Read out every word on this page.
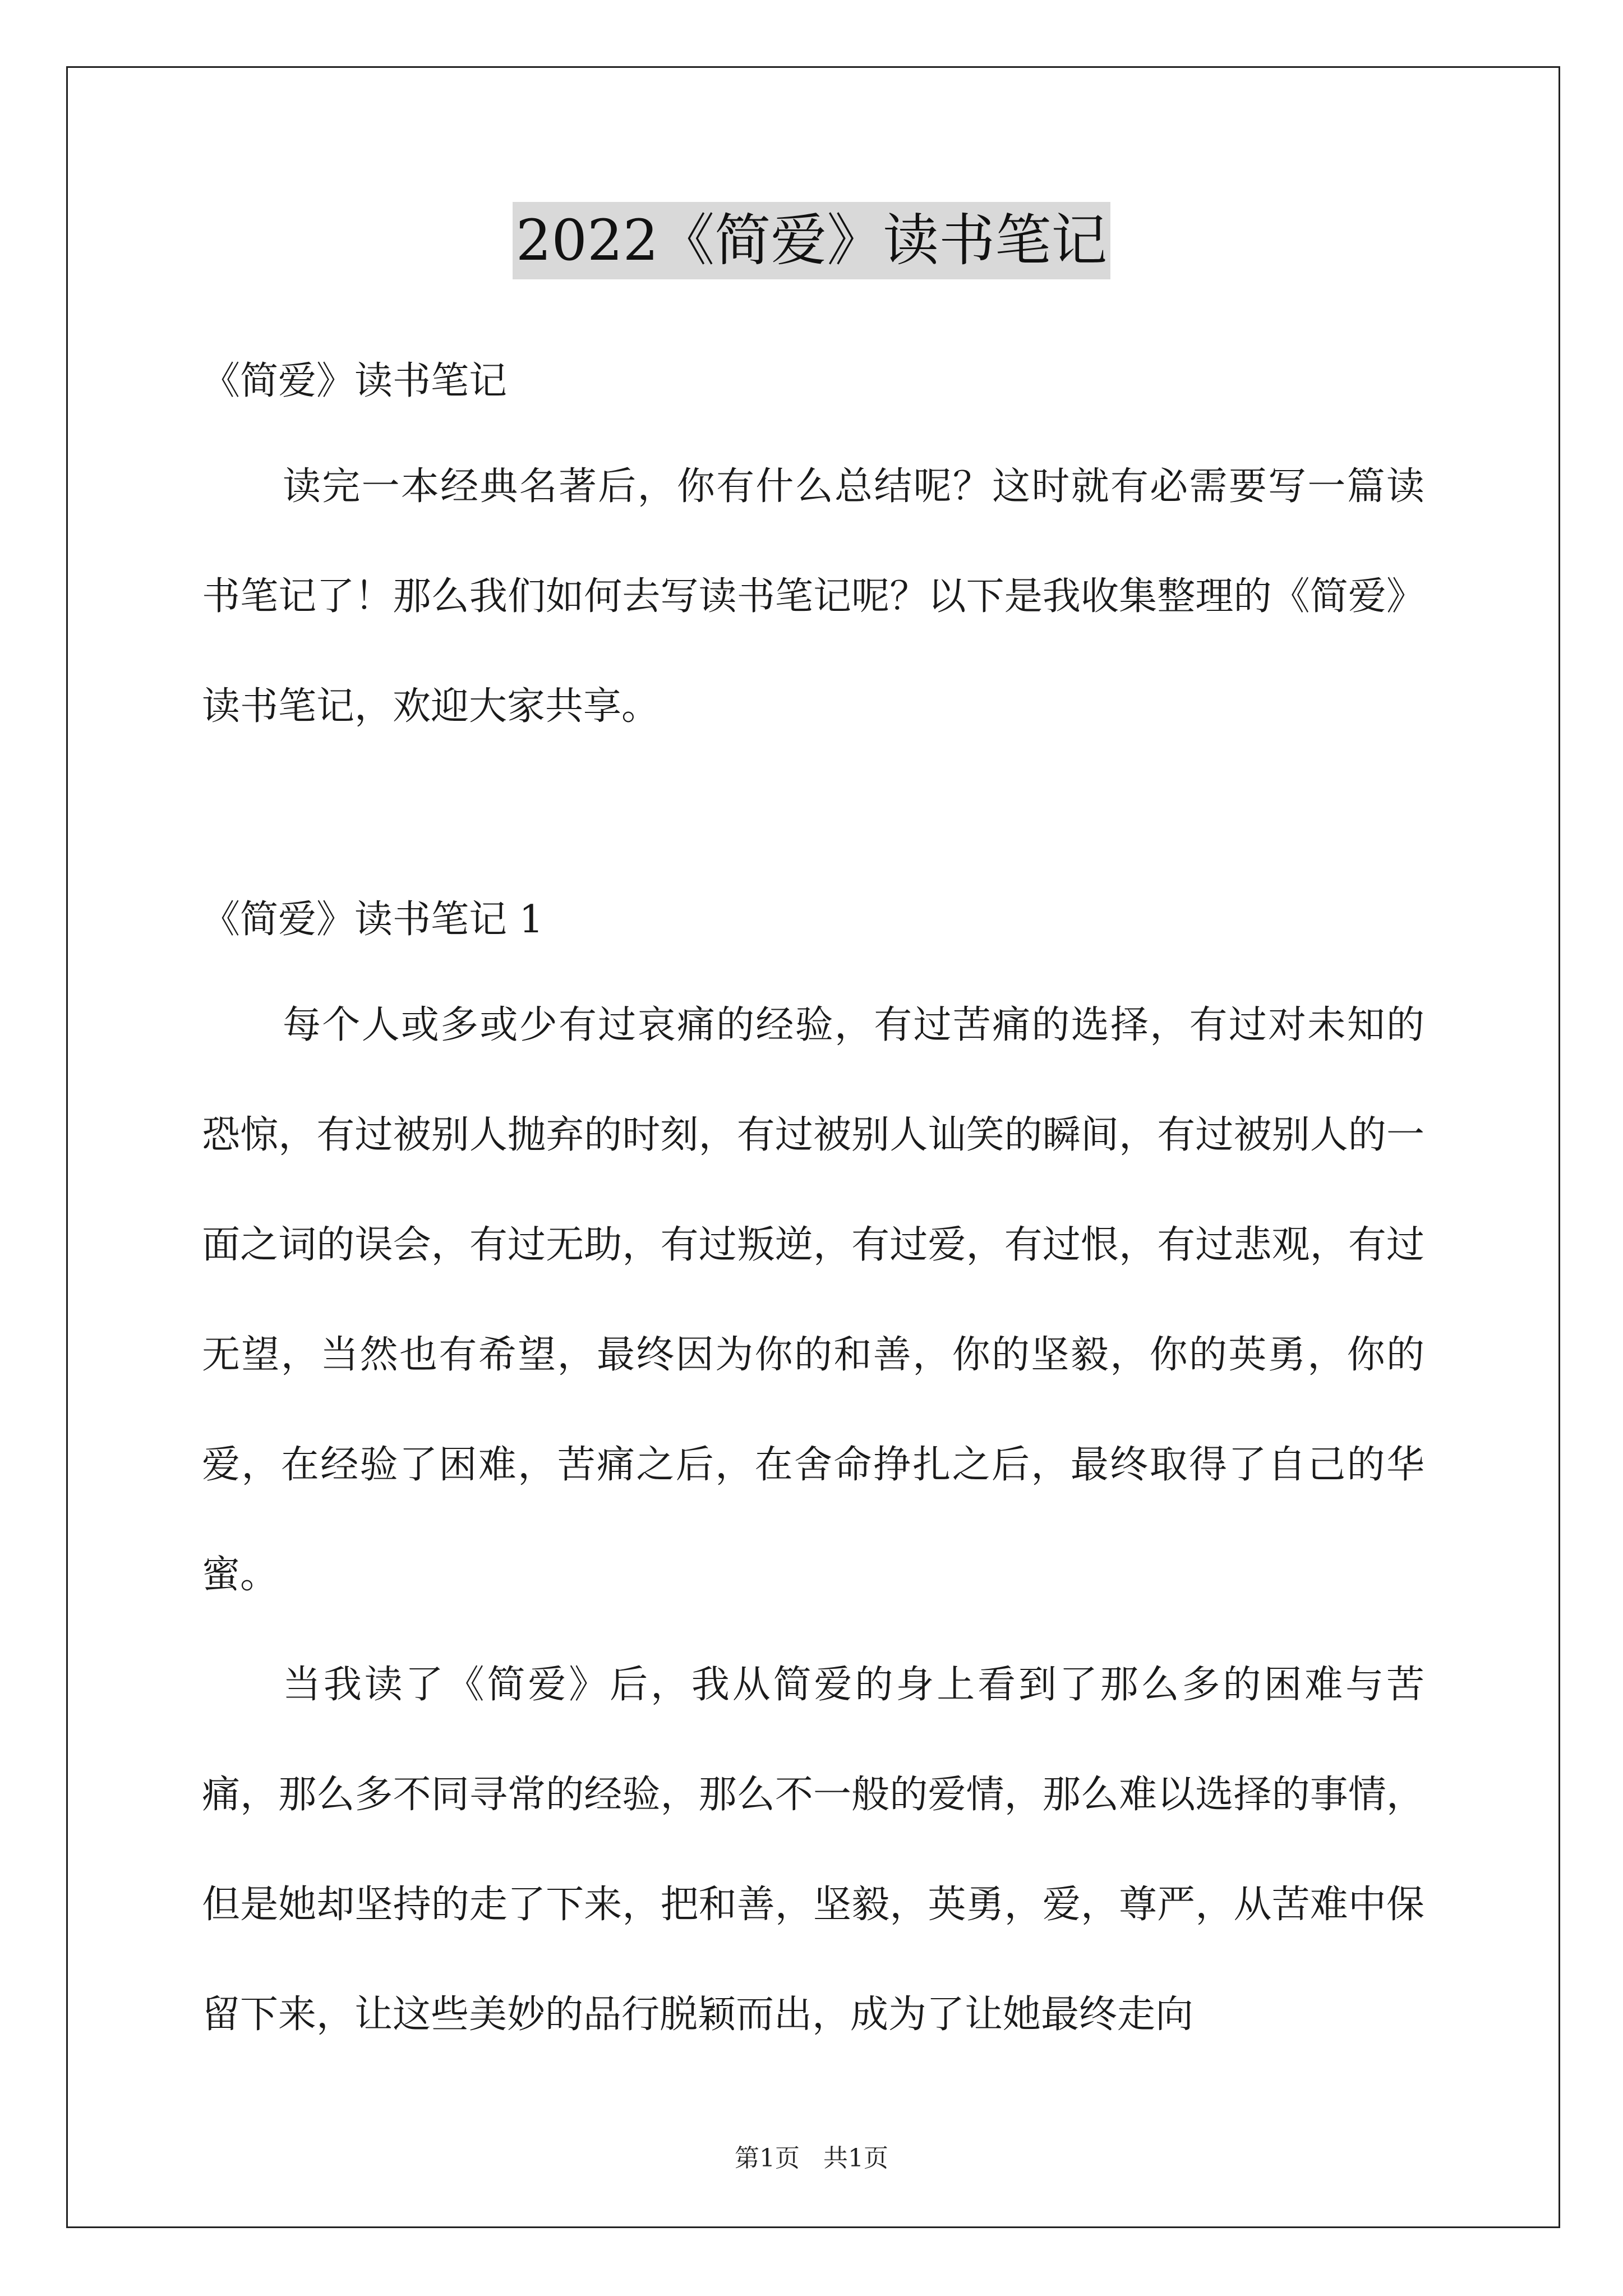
2022《简爱》读书笔记

《简爱》读书笔记

读完一本经典名著后，你有什么总结呢？这时就有必需要写一篇读书笔记了！那么我们如何去写读书笔记呢？以下是我收集整理的《简爱》读书笔记，欢迎大家共享。

《简爱》读书笔记 1

每个人或多或少有过哀痛的经验，有过苦痛的选择，有过对未知的恐惊，有过被别人抛弃的时刻，有过被别人讪笑的瞬间，有过被别人的一面之词的误会，有过无助，有过叛逆，有过爱，有过恨，有过悲观，有过无望，当然也有希望，最终因为你的和善，你的坚毅，你的英勇，你的爱，在经验了困难，苦痛之后，在舍命挣扎之后，最终取得了自己的华蜜。

当我读了《简爱》后，我从简爱的身上看到了那么多的困难与苦痛，那么多不同寻常的经验，那么不一般的爱情，那么难以选择的事情，但是她却坚持的走了下来，把和善，坚毅，英勇，爱，尊严，从苦难中保留下来，让这些美妙的品行脱颖而出，成为了让她最终走向

第1页   共1页
